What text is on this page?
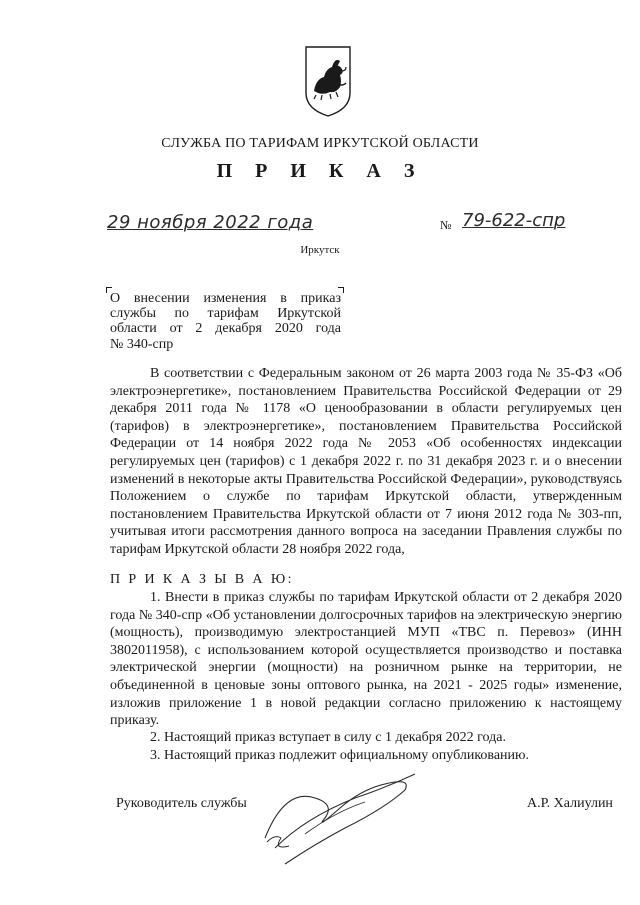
СЛУЖБА ПО ТАРИФАМ ИРКУТСКОЙ ОБЛАСТИ
П Р И К А З
29 ноября 2022 года	№ 79-622-спр
Иркутск
О внесении изменения в приказ
службы по тарифам Иркутской
области от 2 декабря 2020 года
№ 340-спр
В соответствии с Федеральным законом от 26 марта 2003 года № 35-ФЗ «Об электроэнергетике», постановлением Правительства Российской Федерации от 29 декабря 2011 года № 1178 «О ценообразовании в области регулируемых цен (тарифов) в электроэнергетике», постановлением Правительства Российской Федерации от 14 ноября 2022 года № 2053 «Об особенностях индексации регулируемых цен (тарифов) с 1 декабря 2022 г. по 31 декабря 2023 г. и о внесении изменений в некоторые акты Правительства Российской Федерации», руководствуясь Положением о службе по тарифам Иркутской области, утвержденным постановлением Правительства Иркутской области от 7 июня 2012 года № 303-пп, учитывая итоги рассмотрения данного вопроса на заседании Правления службы по тарифам Иркутской области 28 ноября 2022 года,
П Р И К А З Ы В А Ю:
1. Внести в приказ службы по тарифам Иркутской области от 2 декабря 2020 года № 340-спр «Об установлении долгосрочных тарифов на электрическую энергию (мощность), производимую электростанцией МУП «ТВС п. Перевоз» (ИНН 3802011958), с использованием которой осуществляется производство и поставка электрической энергии (мощности) на розничном рынке на территории, не объединенной в ценовые зоны оптового рынка, на 2021 - 2025 годы» изменение, изложив приложение 1 в новой редакции согласно приложению к настоящему приказу.
2. Настоящий приказ вступает в силу с 1 декабря 2022 года.
3. Настоящий приказ подлежит официальному опубликованию.
Руководитель службы	А.Р. Халиулин
